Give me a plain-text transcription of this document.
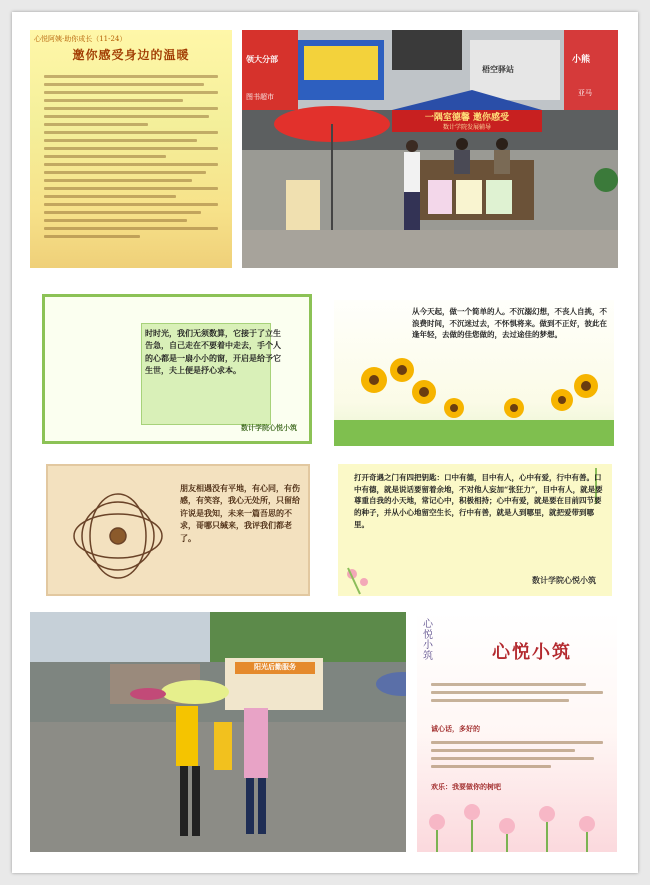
心悦阿姨·助你成长（11-24）
邀你感受身边的温暖
一隅室德馨 邀你感受
数计学院发展辅导
领大分部
梧空驿站
小熊
图书超市	亚马
时时光，我们无须数算，它接于了立生告急，自己走在不要着中走去，手个人的心都是一扇小小的窗，开启是给予它生世，夫上便是抒心求本。
数计学院心悦小筑
从今天起，做一个简单的人。不沉溺幻想，不丧人自挑，不浪费时间，不沉迷过去，不怀惧将来。做到不正好，彼此在逢年轻，去做的佳您做的，去过途佳的梦想。
朋友相遇没有平地，有心同，有伤感，有笑容，我心无处所，只留给许说是我知，未来一篇吾思的不求，哥哪只缄来，我评我们都老了。
打开奇遇之门有四把钥匙：口中有德，目中有人，心中有爱，行中有善。口中有德，就是说话要留着余地，不对他人妄加“张狂力”，目中有人，就是要尊重自我的小天地，常记心中，积极相持；心中有爱，就是要在目前四节要的种子，并从小心地留空生长，行中有善，就是人到哪里，就把爱带到哪里。
数计学院心悦小筑
阳光后勤服务
心悦小筑	心悦小筑
诚心话，多好的
欢乐：我要做你的树吧
